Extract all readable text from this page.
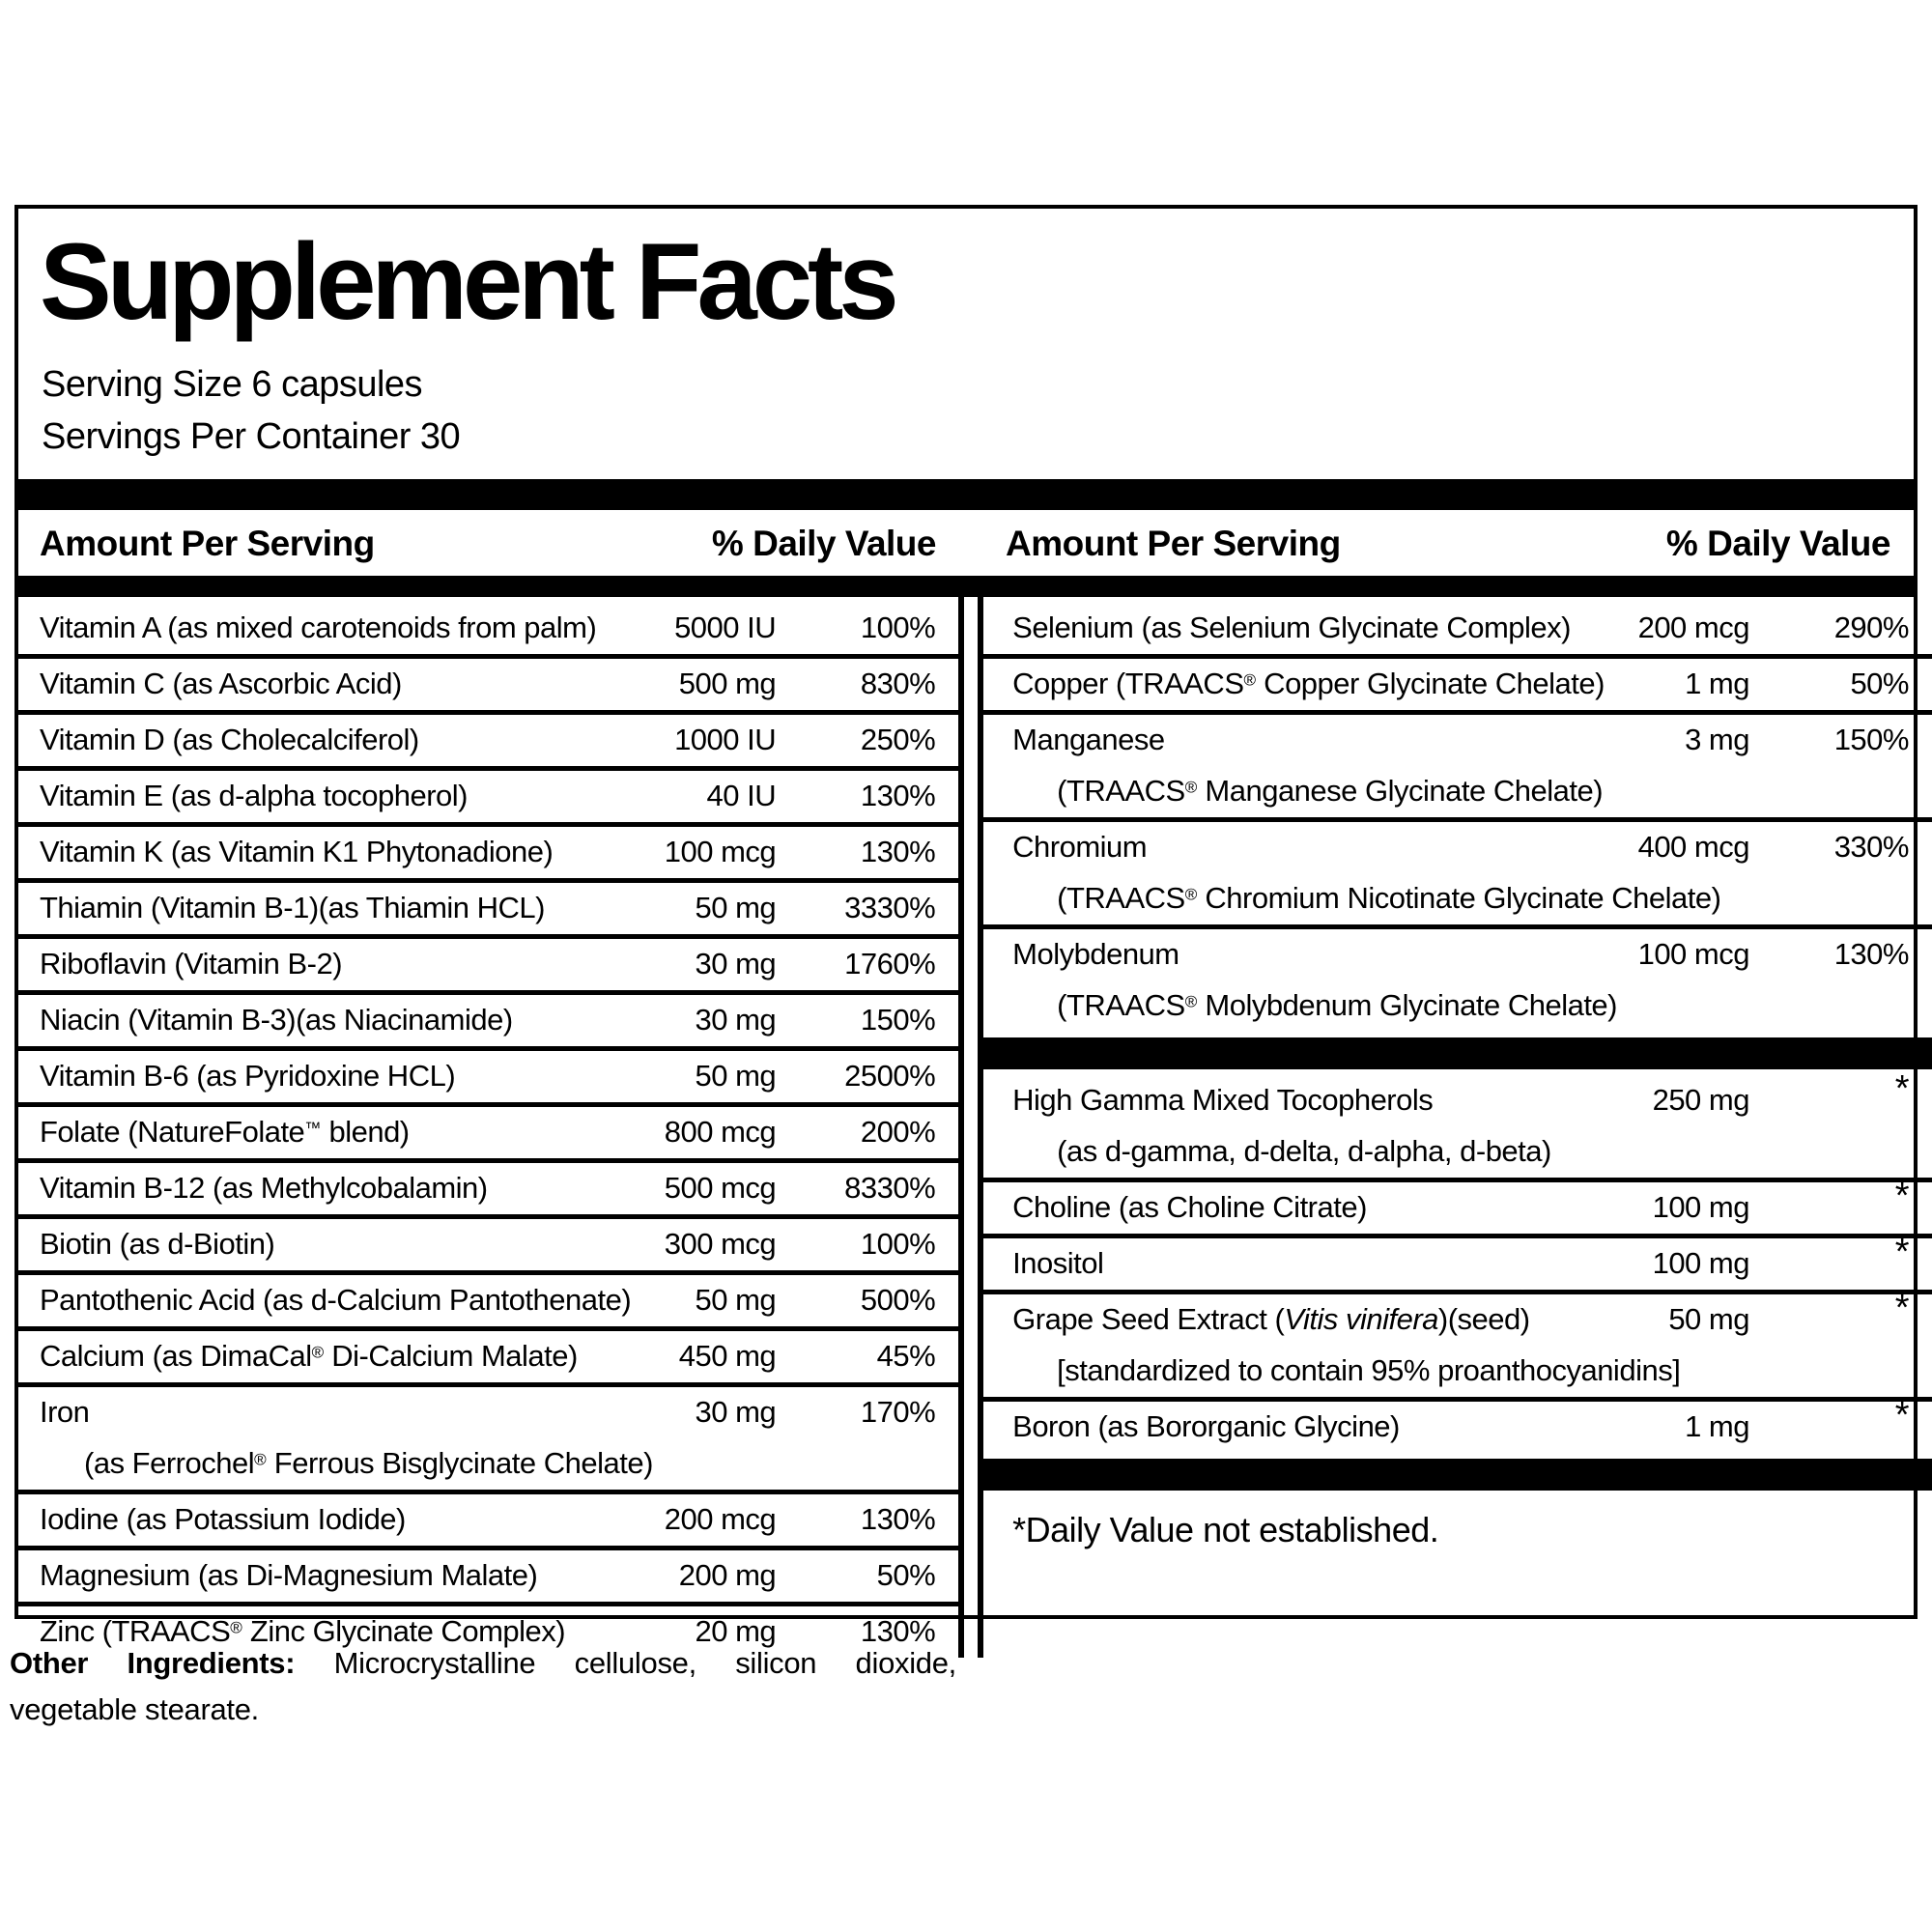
Supplement Facts
Serving Size 6 capsules
Servings Per Container 30
Amount Per Serving	% Daily Value Amount Per Serving	% Daily Value
Vitamin A (as mixed carotenoids from palm)	5000 IU	100%
Vitamin C (as Ascorbic Acid)	500 mg	830%
Vitamin D (as Cholecalciferol)	1000 IU	250%
Vitamin E (as d-alpha tocopherol)	40 IU	130%
Vitamin K (as Vitamin K1 Phytonadione)	100 mcg	130%
Thiamin (Vitamin B-1)(as Thiamin HCL)	50 mg	3330%
Riboflavin (Vitamin B-2)	30 mg	1760%
Niacin (Vitamin B-3)(as Niacinamide)	30 mg	150%
Vitamin B-6 (as Pyridoxine HCL)	50 mg	2500%
Folate (NatureFolate™ blend)	800 mcg	200%
Vitamin B-12 (as Methylcobalamin)	500 mcg	8330%
Biotin (as d-Biotin)	300 mcg	100%
Pantothenic Acid (as d-Calcium Pantothenate)	50 mg	500%
Calcium (as DimaCal® Di-Calcium Malate)	450 mg	45%
Iron	30 mg	170%
(as Ferrochel® Ferrous Bisglycinate Chelate)
Iodine (as Potassium Iodide)	200 mcg	130%
Magnesium (as Di-Magnesium Malate)	200 mg	50%
Zinc (TRAACS® Zinc Glycinate Complex)	20 mg	130%
Selenium (as Selenium Glycinate Complex)	200 mcg	290%
Copper (TRAACS® Copper Glycinate Chelate)	1 mg	50%
Manganese	3 mg	150%
(TRAACS® Manganese Glycinate Chelate)
Chromium	400 mcg	330%
(TRAACS® Chromium Nicotinate Glycinate Chelate)
Molybdenum	100 mcg	130%
(TRAACS® Molybdenum Glycinate Chelate)
High Gamma Mixed Tocopherols	250 mg	*
(as d-gamma, d-delta, d-alpha, d-beta)
Choline (as Choline Citrate)	100 mg	*
Inositol	100 mg	*
Grape Seed Extract (Vitis vinifera)(seed)	50 mg	*
[standardized to contain 95% proanthocyanidins]
Boron (as Bororganic Glycine)	1 mg	*
*Daily Value not established.
Other Ingredients: Microcrystalline cellulose, silicon dioxide,
vegetable stearate.
